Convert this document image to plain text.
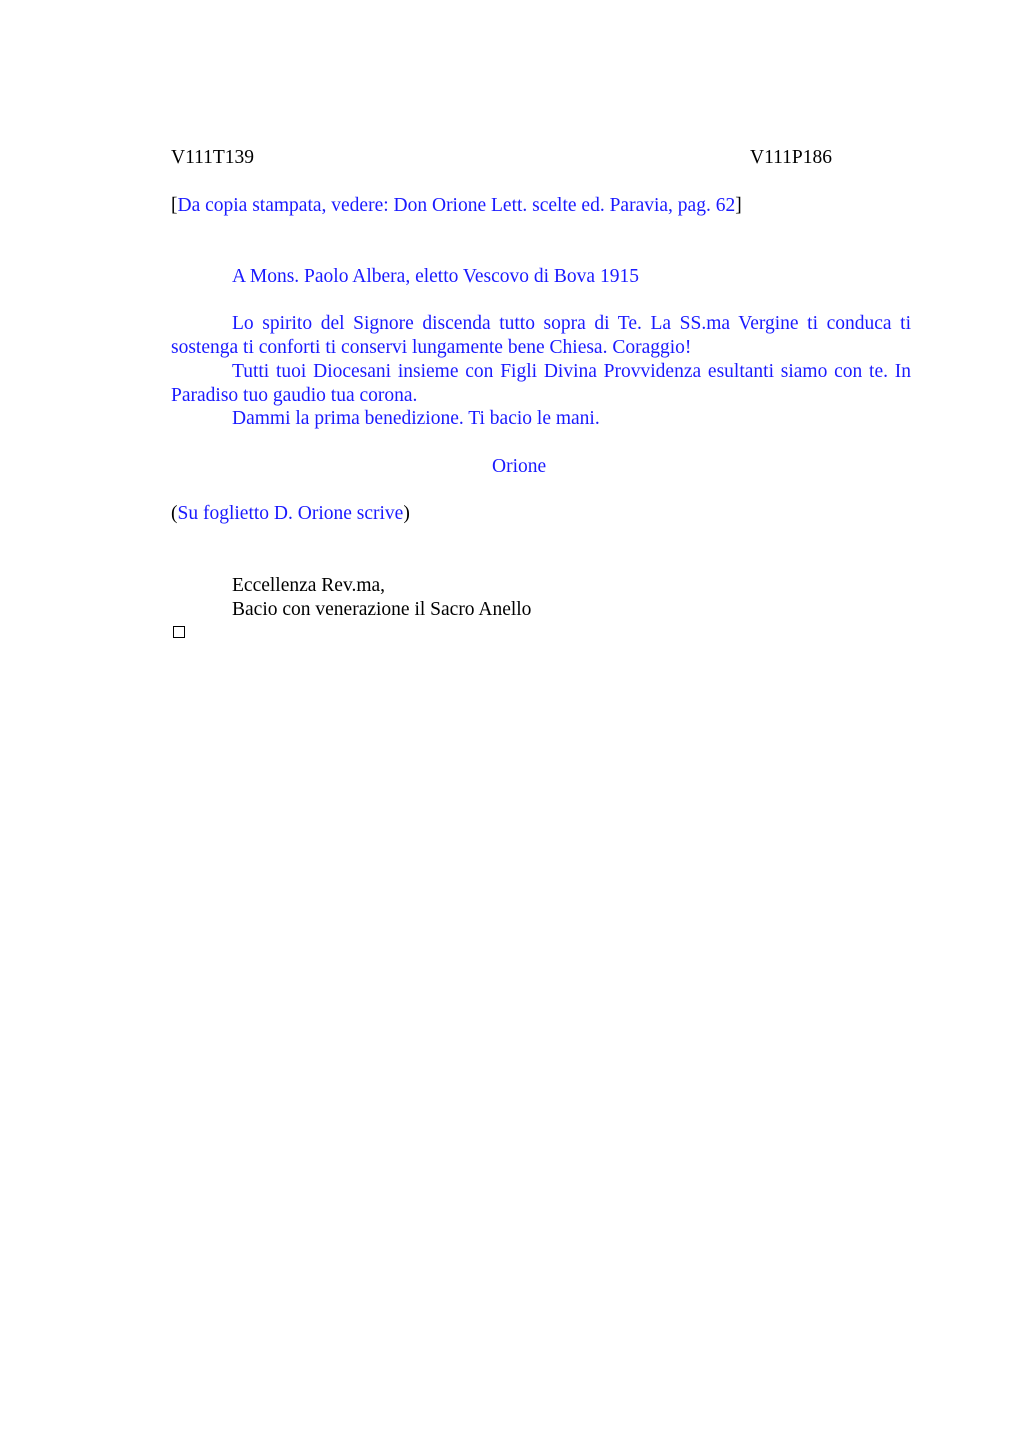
V111T139	V111P186
[Da copia stampata, vedere: Don Orione Lett. scelte ed. Paravia, pag. 62]
A Mons. Paolo Albera, eletto Vescovo di Bova 1915
Lo spirito del Signore discenda tutto sopra di Te. La SS.ma Vergine ti conduca ti sostenga ti conforti ti conservi lungamente bene Chiesa. Coraggio!
Tutti tuoi Diocesani insieme con Figli Divina Provvidenza esultanti siamo con te. In Paradiso tuo gaudio tua corona.
Dammi la prima benedizione. Ti bacio le mani.
Orione
(Su foglietto D. Orione scrive)
Eccellenza Rev.ma,
Bacio con venerazione il Sacro Anello
